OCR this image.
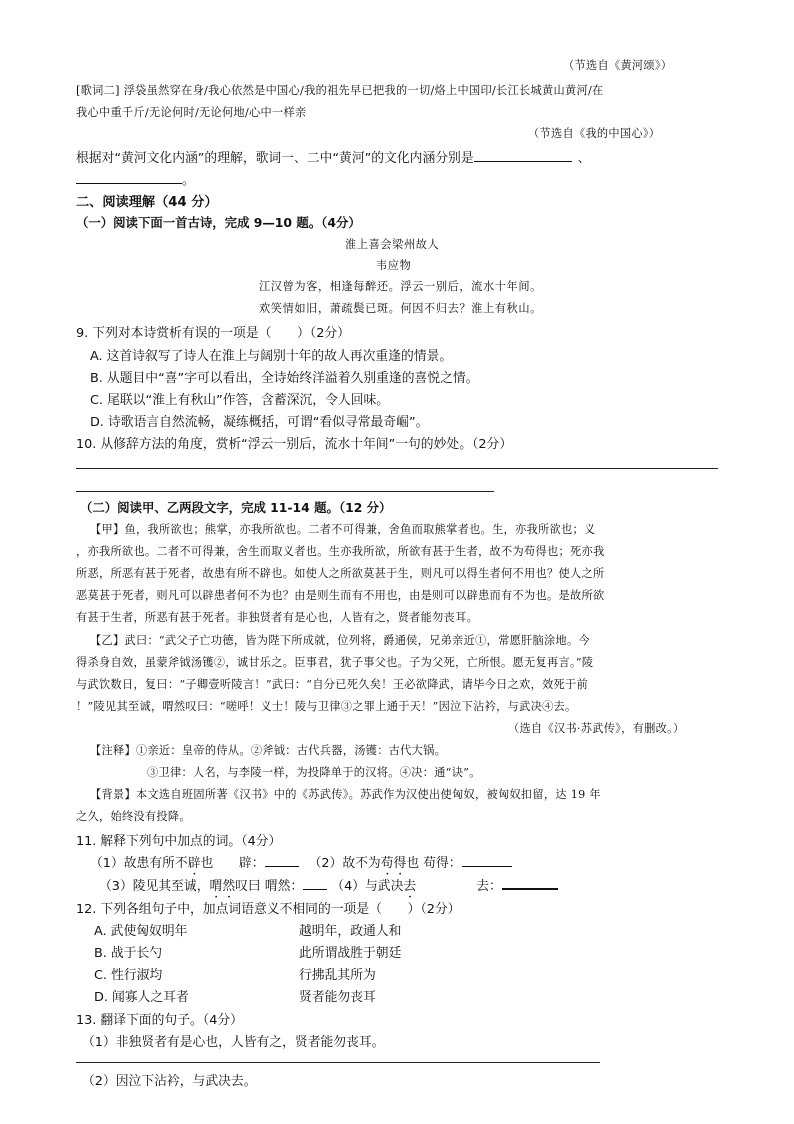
（节选自《黄河颂》）
[歌词二] 浮袋虽然穿在身/我心依然是中国心/我的祖先早已把我的一切/烙上中国印/长江长城黄山黄河/在
我心中重千斤/无论何时/无论何地/心中一样亲
（节选自《我的中国心》）
根据对“黄河文化内涵”的理解，歌词一、二中“黄河”的文化内涵分别是	、
。
二、阅读理解（44 分）
（一）阅读下面一首古诗，完成 9—10 题。（4分）
淮上喜会梁州故人
韦应物
江汉曾为客，相逢每醉还。浮云一别后，流水十年间。
欢笑情如旧，萧疏鬓已斑。何因不归去？淮上有秋山。
9. 下列对本诗赏析有误的一项是（　　）（2分）
A. 这首诗叙写了诗人在淮上与阔别十年的故人再次重逢的情景。
B. 从题目中“喜”字可以看出，全诗始终洋溢着久别重逢的喜悦之情。
C. 尾联以“淮上有秋山”作答，含蓄深沉，令人回味。
D. 诗歌语言自然流畅，凝练概括，可谓“看似寻常最奇崛”。
10. 从修辞方法的角度，赏析“浮云一别后，流水十年间”一句的妙处。（2分）
（二）阅读甲、乙两段文字，完成 11-14 题。（12 分）
【甲】鱼，我所欲也；熊掌，亦我所欲也。二者不可得兼，舍鱼而取熊掌者也。生，亦我所欲也；义
，亦我所欲也。二者不可得兼，舍生而取义者也。生亦我所欲，所欲有甚于生者，故不为苟得也；死亦我
所恶，所恶有甚于死者，故患有所不辟也。如使人之所欲莫甚于生，则凡可以得生者何不用也？使人之所
恶莫甚于死者，则凡可以辟患者何不为也？由是则生而有不用也，由是则可以辟患而有不为也。是故所欲
有甚于生者，所恶有甚于死者。非独贤者有是心也，人皆有之，贤者能勿丧耳。
【乙】武曰：“武父子亡功德，皆为陛下所成就，位列将，爵通侯，兄弟亲近①，常愿肝脑涂地。今
得杀身自效，虽蒙斧钺汤镬②，诚甘乐之。臣事君，犹子事父也。子为父死，亡所恨。愿无复再言。”陵
与武饮数日，复曰：“子卿壹听陵言！”武曰：“自分已死久矣！王必欲降武，请毕今日之欢，效死于前
！”陵见其至诚，喟然叹曰：“嗟呼！义士！陵与卫律③之罪上通于天！”因泣下沾衿，与武决④去。
（选自《汉书·苏武传》，有删改。）
【注释】①亲近：皇帝的侍从。②斧钺：古代兵器，汤镬：古代大锅。
③卫律：人名，与李陵一样，为投降单于的汉将。④决：通“诀”。
【背景】本文选自班固所著《汉书》中的《苏武传》。苏武作为汉使出使匈奴，被匈奴扣留，达 19 年
之久，始终没有投降。
11. 解释下列句中加点的词。（4分）
（1）故患有所不辟也　　辟：	（2）故不为苟得也 苟得：
（3）陵见其至诚，喟然叹曰 喟然： （4）与武决去	去：
12. 下列各组句子中，加点词语意义不相同的一项是（　　）（2分）
A. 武使匈奴明年	越明年，政通人和
B. 战于长勺	此所谓战胜于朝廷
C. 性行淑均	行拂乱其所为
D. 闻寡人之耳者	贤者能勿丧耳
13. 翻译下面的句子。（4分）
（1）非独贤者有是心也，人皆有之，贤者能勿丧耳。
（2）因泣下沾衿，与武决去。
